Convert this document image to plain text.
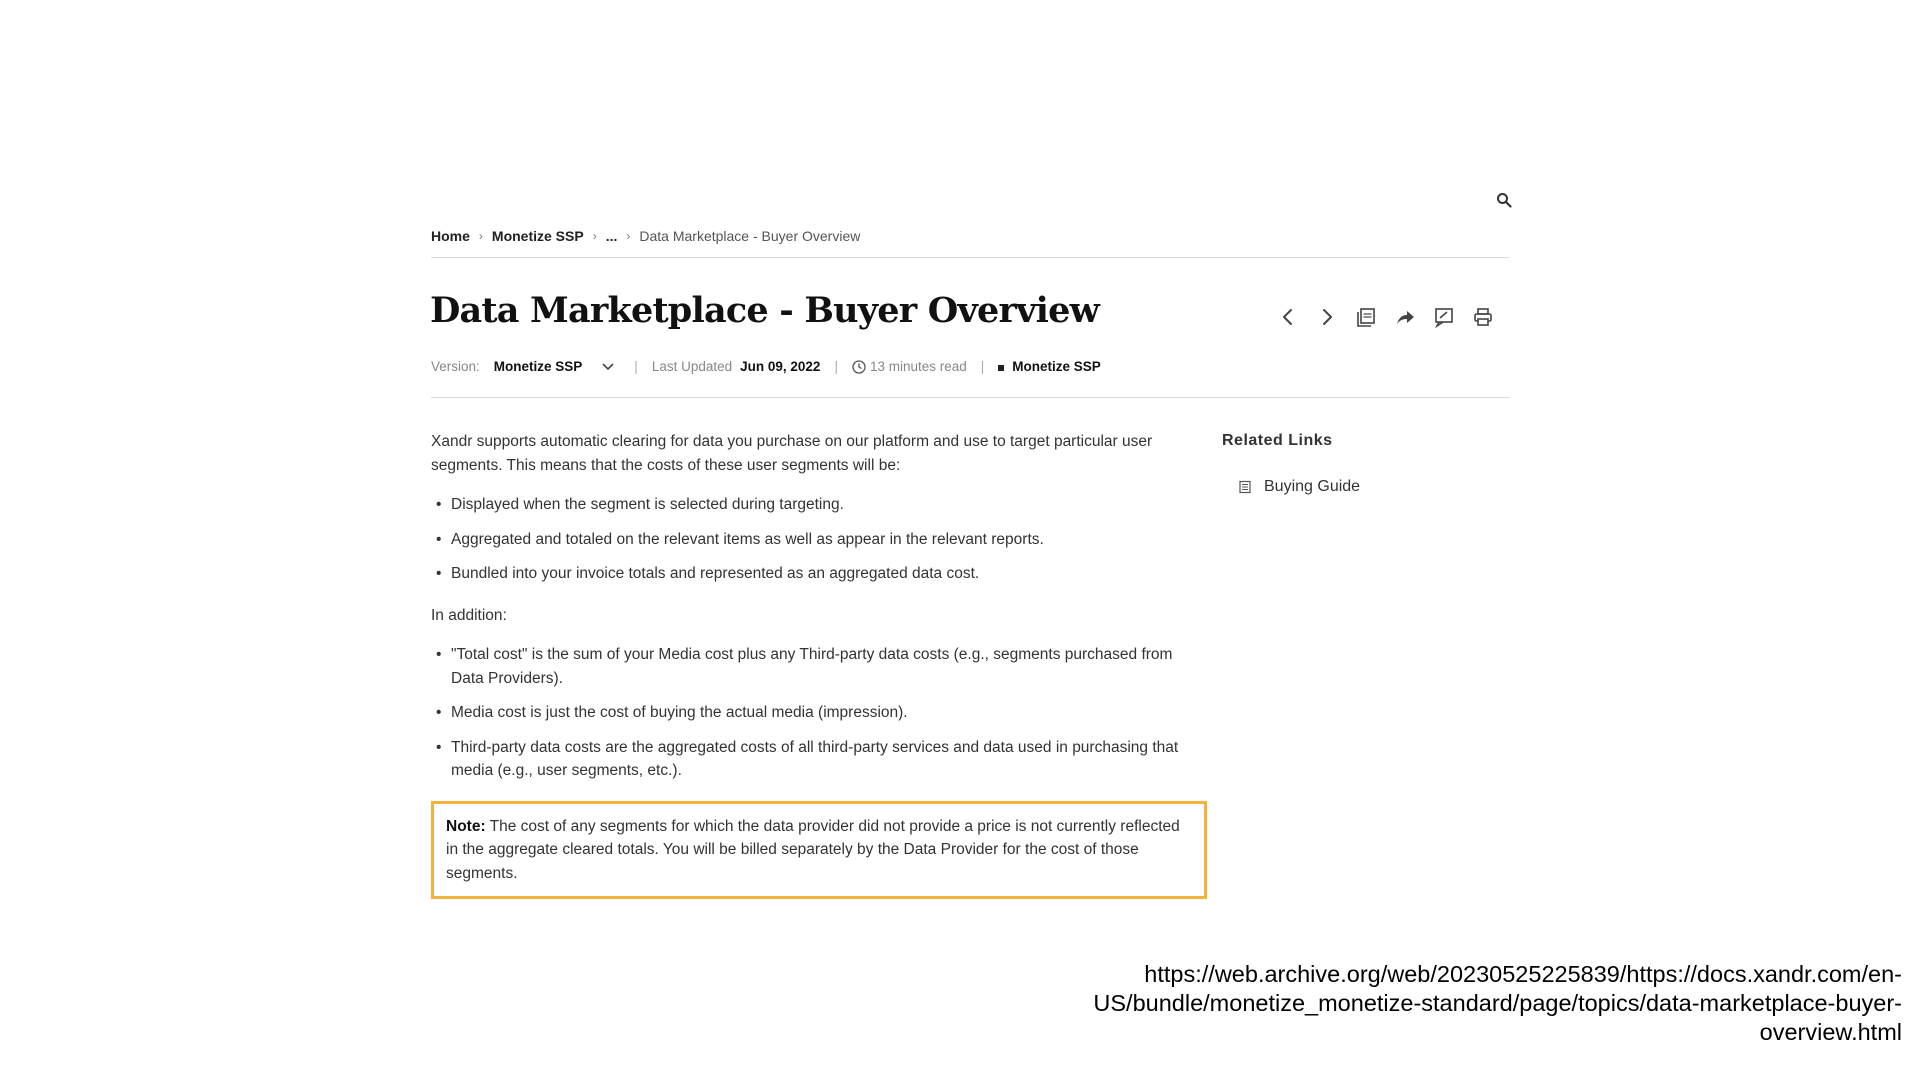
Home › Monetize SSP › ... › Data Marketplace - Buyer Overview
Data Marketplace - Buyer Overview
Version: Monetize SSP	| Last Updated Jun 09, 2022 | 13 minutes read |	Monetize SSP

Xandr supports automatic clearing for data you purchase on our platform and use to target particular user segments. This means that the costs of these user segments will be:

• Displayed when the segment is selected during targeting.
• Aggregated and totaled on the relevant items as well as appear in the relevant reports.
• Bundled into your invoice totals and represented as an aggregated data cost.

In addition:

• "Total cost" is the sum of your Media cost plus any Third-party data costs (e.g., segments purchased from Data Providers).
• Media cost is just the cost of buying the actual media (impression).
• Third-party data costs are the aggregated costs of all third-party services and data used in purchasing that media (e.g., user segments, etc.).
Note: The cost of any segments for which the data provider did not provide a price is not currently reflected in the aggregate cleared totals. You will be billed separately by the Data Provider for the cost of those segments.
Related Links
Buying Guide
https://web.archive.org/web/20230525225839/https://docs.xandr.com/en-US/bundle/monetize_monetize-standard/page/topics/data-marketplace-buyer-overview.html
